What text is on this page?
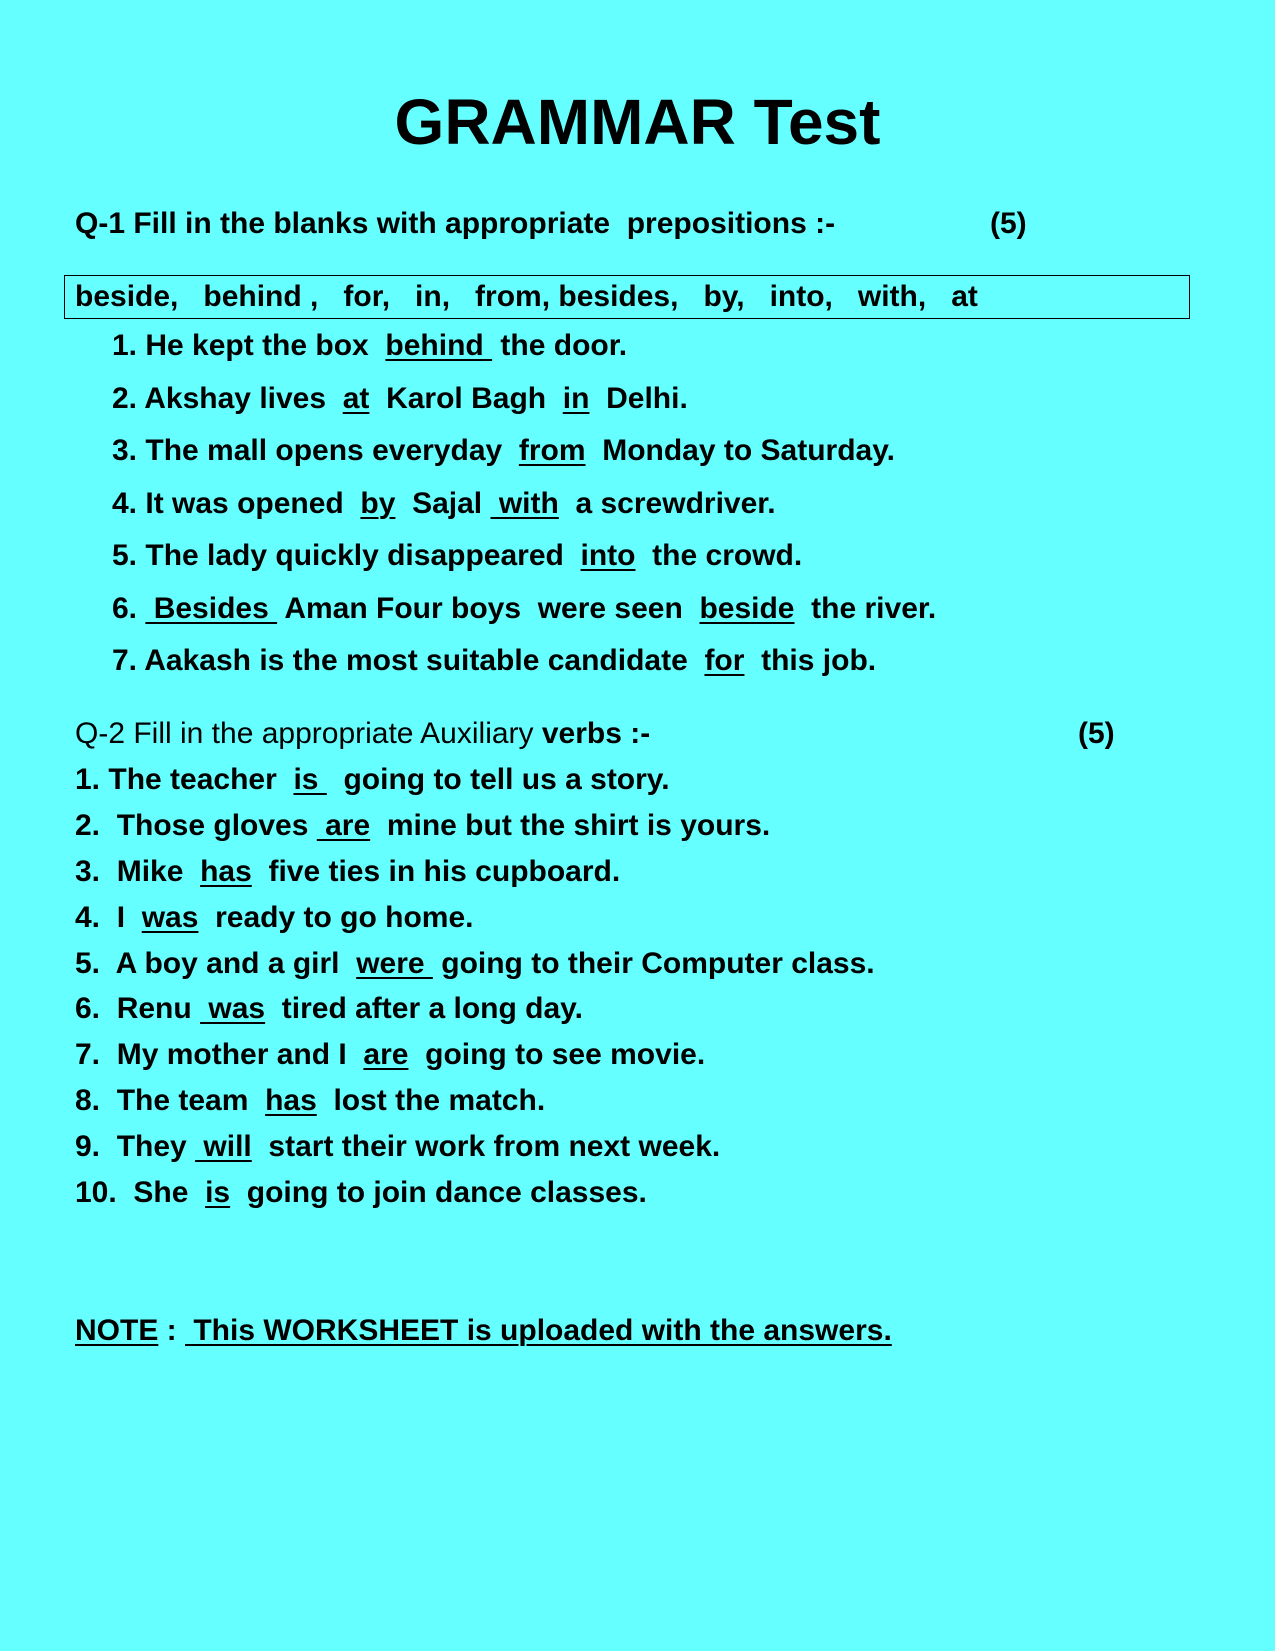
GRAMMAR Test
Q-1 Fill in the blanks with appropriate  prepositions :-	(5)
beside,   behind ,   for,   in,   from, besides,   by,   into,   with,   at
1. He kept the box  behind  the door.
2. Akshay lives  at  Karol Bagh  in  Delhi.
3. The mall opens everyday  from  Monday to Saturday.
4. It was opened  by  Sajal  with  a screwdriver.
5. The lady quickly disappeared  into  the crowd.
6.  Besides  Aman Four boys  were seen  beside  the river.
7. Aakash is the most suitable candidate  for  this job.
Q-2 Fill in the appropriate Auxiliary verbs :-	(5)
1. The teacher  is   going to tell us a story.
2.  Those gloves  are  mine but the shirt is yours.
3.  Mike  has  five ties in his cupboard.
4.  I  was  ready to go home.
5.  A boy and a girl  were  going to their Computer class.
6.  Renu  was  tired after a long day.
7.  My mother and I  are  going to see movie.
8.  The team  has  lost the match.
9.  They  will  start their work from next week.
10.  She  is  going to join dance classes.
NOTE :  This WORKSHEET is uploaded with the answers.
